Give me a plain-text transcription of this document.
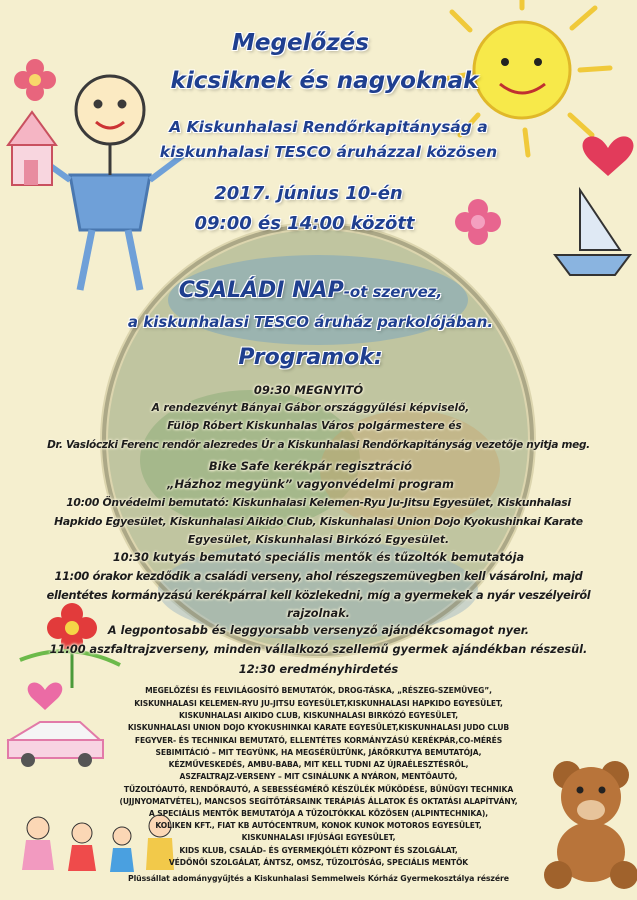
Megelőzés

kicsiknek és nagyoknak

A Kiskunhalasi Rendőrkapitányság a

kiskunhalasi TESCO áruházzal közösen

2017. június 10-én

09:00 és 14:00 között

CSALÁDI NAP-ot szervez,

a kiskunhalasi TESCO áruház parkolójában.

Programok:

09:30 MEGNYITÓ

A rendezvényt Bányai Gábor országgyűlési képviselő,

Fülöp Róbert Kiskunhalas Város polgármestere és

Dr. Vaslóczki Ferenc rendőr alezredes Úr a Kiskunhalasi Rendőrkapitányság vezetője nyitja meg.

Bike Safe kerékpár regisztráció

„Házhoz megyünk” vagyonvédelmi program

10:00 Önvédelmi bemutató: Kiskunhalasi Kelemen-Ryu Ju-Jitsu Egyesület, Kiskunhalasi

Hapkido Egyesület, Kiskunhalasi Aikido Club, Kiskunhalasi Union Dojo Kyokushinkai Karate

Egyesület, Kiskunhalasi Birkózó Egyesület.

10:30 kutyás bemutató speciális mentők és tűzoltók bemutatója

11:00 órakor kezdődik a családi verseny, ahol részegszemüvegben kell vásárolni, majd

ellentétes kormányzású kerékpárral kell közlekedni, míg a gyermekek a nyár veszélyeiről

rajzolnak.

A legpontosabb és leggyorsabb versenyző ajándékcsomagot nyer.

11:00 aszfaltrajzverseny, minden vállalkozó szellemű gyermek ajándékban részesül.

12:30 eredményhirdetés

MEGELŐZÉSI ÉS FELVILÁGOSÍTÓ BEMUTATÓK, DROG-TÁSKA, „RÉSZEG-SZEMÜVEG”,

KISKUNHALASI KELEMEN-RYU JU-JITSU EGYESÜLET,KISKUNHALASI HAPKIDO EGYESÜLET,

KISKUNHALASI AIKIDO CLUB, KISKUNHALASI BIRKÓZÓ EGYESÜLET,

KISKUNHALASI UNION DOJO KYOKUSHINKAI KARATE EGYESÜLET,KISKUNHALASI JUDO CLUB

FEGYVER- ÉS TECHNIKAI BEMUTATÓ, ELLENTÉTES KORMÁNYZÁSÚ KERÉKPÁR,CO-MÉRÉS

SEBIMITÁCIÓ – MIT TEGYÜNK, HA MEGSÉRÜLTÜNK, JÁRŐRKUTYA BEMUTATÓJA,

KÉZMŰVESKEDÉS, AMBU-BABA, MIT KELL TUDNI AZ ÚJRAÉLESZTÉSRŐL,

ASZFALTRAJZ-VERSENY – MIT CSINÁLUNK A NYÁRON, MENTŐAUTÓ,

TŰZOLTÓAUTÓ, RENDŐRAUTÓ, A SEBESSÉGMÉRŐ KÉSZÜLÉK MŰKÖDÉSE, BŰNÜGYI TECHNIKA

(UJJNYOMATVÉTEL), MANCSOS SEGÍTŐTÁRSAINK TERÁPIÁS ÁLLATOK ÉS OKTATÁSI ALAPÍTVÁNY,

A SPECIÁLIS MENTŐK BEMUTATÓJA A TŰZOLTÓKKAL KÖZÖSEN (ALPINTECHNIKA),

KOLIKEN KFT., FIAT KB AUTÓCENTRUM, KONOK KUNOK MOTOROS EGYESÜLET,

KISKUNHALASI IFJÚSÁGI EGYESÜLET,

KIDS KLUB, CSALÁD- ÉS GYERMEKJÓLÉTI KÖZPONT ÉS SZOLGÁLAT,

VÉDŐNŐI SZOLGÁLAT, ÁNTSZ, OMSZ, TŰZOLTÓSÁG, SPECIÁLIS MENTŐK

Plüssállat adománygyűjtés a Kiskunhalasi Semmelweis Kórház Gyermekosztálya részére
